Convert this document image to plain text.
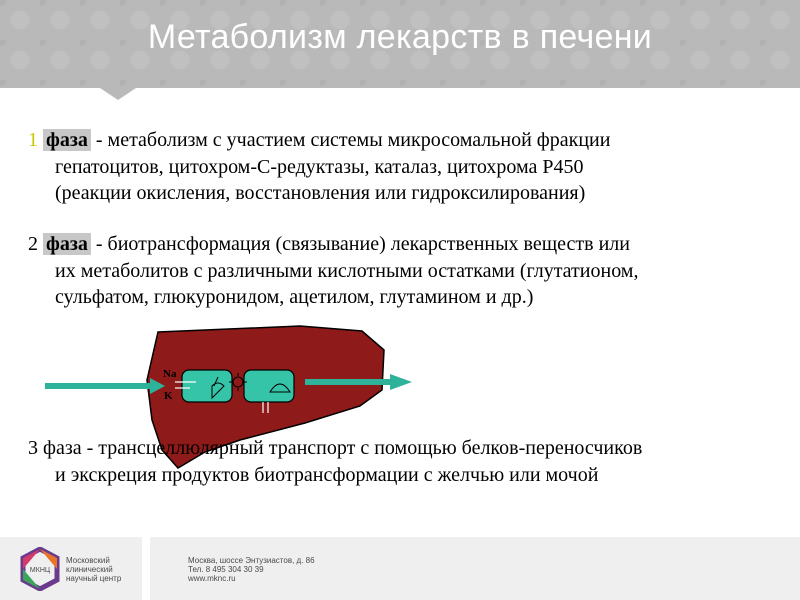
Метаболизм лекарств в печени
1 фаза - метаболизм с участием системы микросомальной фракции
гепатоцитов, цитохром-С-редуктазы, каталаз, цитохрома Р450
(реакции окисления, восстановления или гидроксилирования)
2 фаза - биотрансформация (связывание) лекарственных веществ или
их метаболитов с различными кислотными остатками (глутатионом,
сульфатом, глюкуронидом, ацетилом, глутамином и др.)
Na
K
3 фаза - трансцеллюлярный транспорт с помощью белков-переносчиков
и экскреция продуктов биотрансформации с желчью или мочой
МКНЦ
Московский
клинический
научный центр
Москва, шоссе Энтузиастов, д. 86
Тел. 8 495 304 30 39
www.mknc.ru
